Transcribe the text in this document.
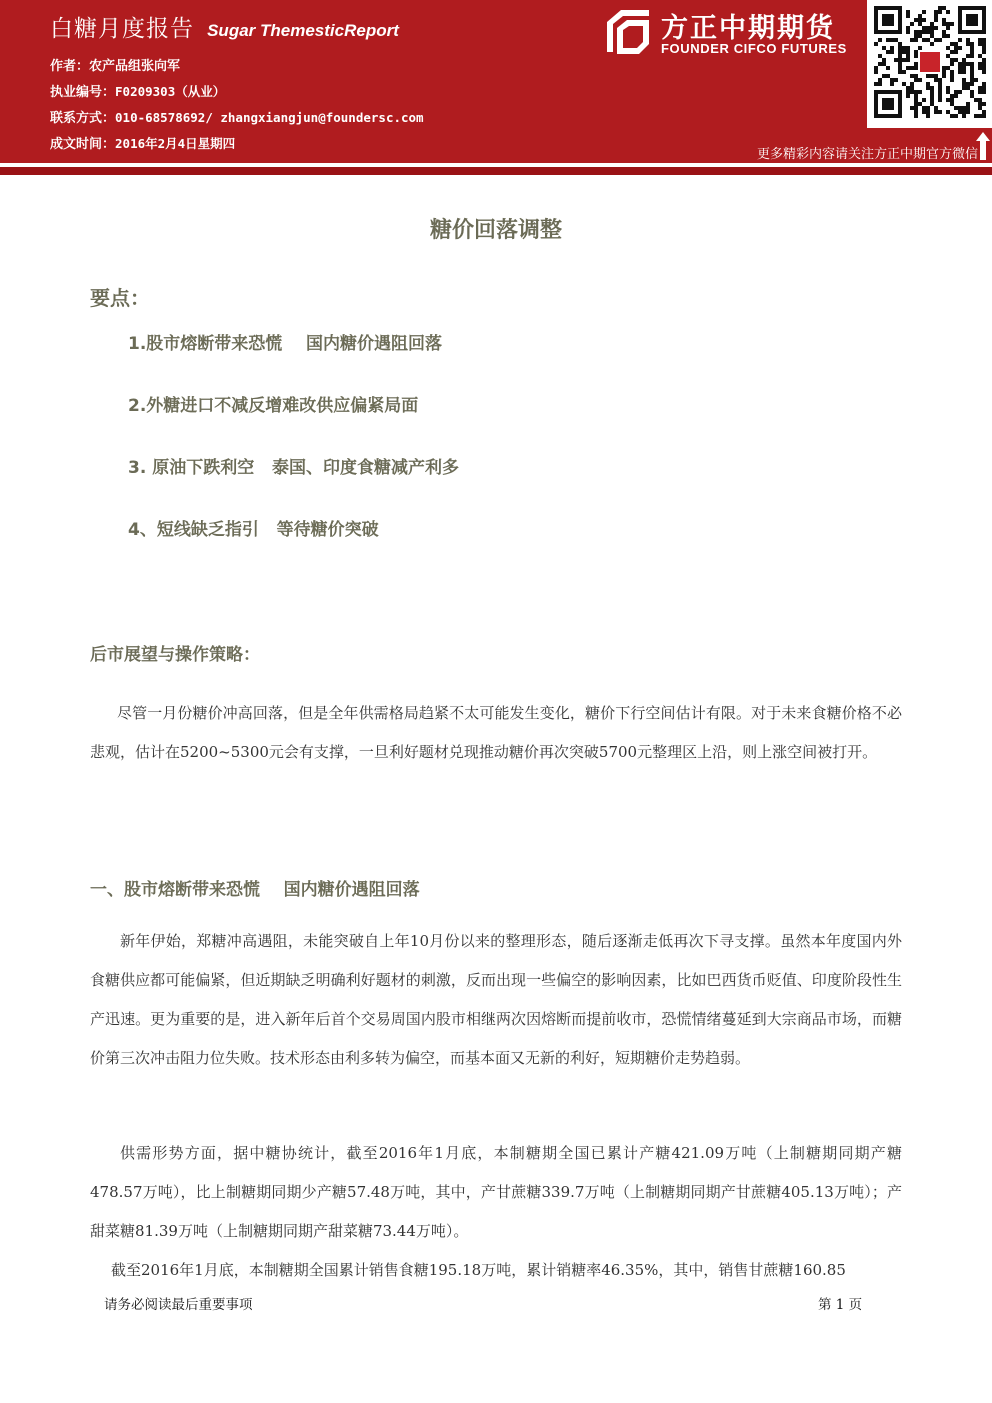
白糖月度报告 Sugar ThemesticReport
作者：农产品组张向军
执业编号：F0209303（从业）
联系方式：010-68578692/ zhangxiangjun@foundersc.com
成文时间：2016年2月4日星期四
方正中期期货
FOUNDER CIFCO FUTURES
更多精彩内容请关注方正中期官方微信
糖价回落调整
要点：
1.股市熔断带来恐慌    国内糖价遇阻回落
2.外糖进口不减反增难改供应偏紧局面
3. 原油下跌利空   泰国、印度食糖减产利多
4、短线缺乏指引   等待糖价突破
后市展望与操作策略：

尽管一月份糖价冲高回落，但是全年供需格局趋紧不太可能发生变化，糖价下行空间估计有限。对于未来食糖价格不必悲观，估计在5200~5300元会有支撑，一旦利好题材兑现推动糖价再次突破5700元整理区上沿，则上涨空间被打开。

一、股市熔断带来恐慌    国内糖价遇阻回落

新年伊始，郑糖冲高遇阻，未能突破自上年10月份以来的整理形态，随后逐渐走低再次下寻支撑。虽然本年度国内外食糖供应都可能偏紧，但近期缺乏明确利好题材的刺激，反而出现一些偏空的影响因素，比如巴西货币贬值、印度阶段性生产迅速。更为重要的是，进入新年后首个交易周国内股市相继两次因熔断而提前收市，恐慌情绪蔓延到大宗商品市场，而糖价第三次冲击阻力位失败。技术形态由利多转为偏空，而基本面又无新的利好，短期糖价走势趋弱。

供需形势方面，据中糖协统计，截至2016年1月底，本制糖期全国已累计产糖421.09万吨（上制糖期同期产糖478.57万吨），比上制糖期同期少产糖57.48万吨，其中，产甘蔗糖339.7万吨（上制糖期同期产甘蔗糖405.13万吨）；产甜菜糖81.39万吨（上制糖期同期产甜菜糖73.44万吨）。

截至2016年1月底，本制糖期全国累计销售食糖195.18万吨，累计销糖率46.35%，其中，销售甘蔗糖160.85

请务必阅读最后重要事项	第 1 页
